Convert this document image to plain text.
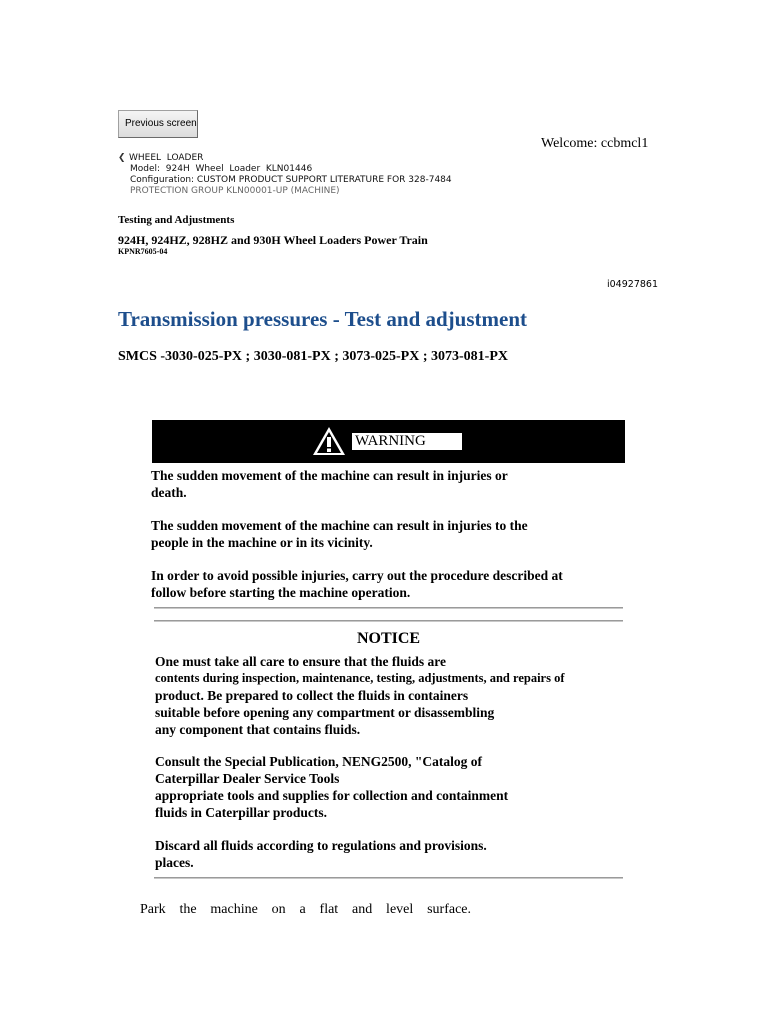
Previous screen
Welcome: ccbmcl1
❮ WHEEL  LOADER
Model:  924H  Wheel  Loader  KLN01446
Configuration: CUSTOM PRODUCT SUPPORT LITERATURE FOR 328-7484
PROTECTION GROUP KLN00001-UP (MACHINE)
Testing and Adjustments
924H, 924HZ, 928HZ and 930H Wheel Loaders Power Train
KPNR7605-04
i04927861
Transmission pressures - Test and adjustment
SMCS -3030-025-PX ; 3030-081-PX ; 3073-025-PX ; 3073-081-PX
WARNING
The sudden movement of the machine can result in injuries or
death.
The sudden movement of the machine can result in injuries to the
people in the machine or in its vicinity.
In order to avoid possible injuries, carry out the procedure described at
follow before starting the machine operation.
NOTICE
One must take all care to ensure that the fluids are
contents during inspection, maintenance, testing, adjustments, and repairs of
product. Be prepared to collect the fluids in containers
suitable before opening any compartment or disassembling
any component that contains fluids.
Consult the Special Publication, NENG2500, "Catalog of
Caterpillar Dealer Service Tools
appropriate tools and supplies for collection and containment
fluids in Caterpillar products.
Discard all fluids according to regulations and provisions.
places.
Park the machine on a flat and level surface.
